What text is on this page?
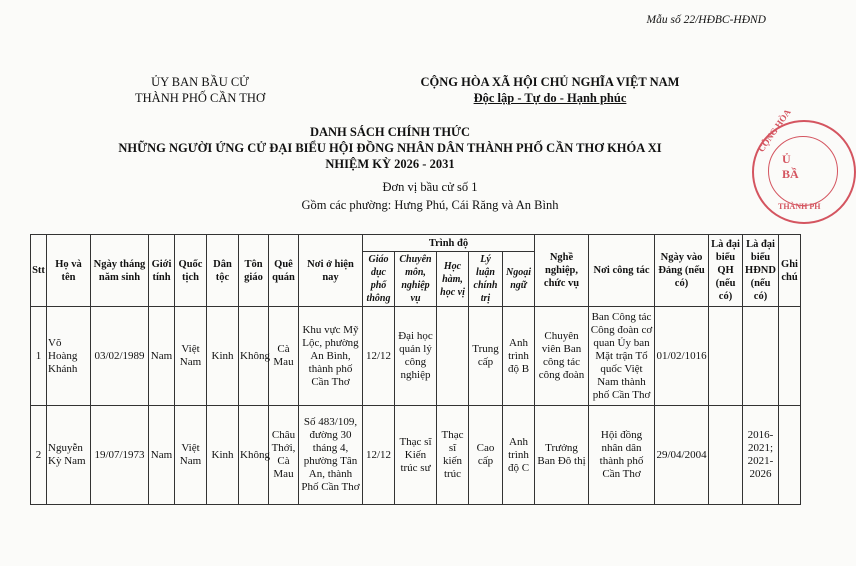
Mẫu số 22/HĐBC-HĐND
ỦY BAN BẦU CỬ
THÀNH PHỐ CẦN THƠ
CỘNG HÒA XÃ HỘI CHỦ NGHĨA VIỆT NAM
Độc lập - Tự do - Hạnh phúc
DANH SÁCH CHÍNH THỨC
NHỮNG NGƯỜI ỨNG CỬ ĐẠI BIỂU HỘI ĐỒNG NHÂN DÂN THÀNH PHỐ CẦN THƠ KHÓA XI
NHIỆM KỲ 2026 - 2031
Đơn vị bầu cử số 1
Gồm các phường: Hưng Phú, Cái Răng và An Bình
CỘNG HÒA
Ủ
BẦ
THÀNH PH
Stt	Họ và tên	Ngày tháng năm sinh	Giới tính	Quốc tịch	Dân tộc	Tôn giáo	Quê quán	Nơi ở hiện nay	Trình độ					Nghề nghiệp, chức vụ	Nơi công tác	Ngày vào Đảng (nếu có)	Là đại biểu QH (nếu có)	Là đại biểu HĐND (nếu có)	Ghi chú
									Giáo dục phổ thông	Chuyên môn, nghiệp vụ	Học hàm, học vị	Lý luận chính trị	Ngoại ngữ						
1	Võ Hoàng Khánh	03/02/1989	Nam	Việt Nam	Kinh	Không	Cà Mau	Khu vực Mỹ Lộc, phường An Bình, thành phố Cần Thơ	12/12	Đại học quản lý công nghiệp		Trung cấp	Anh trình độ B	Chuyên viên Ban công tác công đoàn	Ban Công tác Công đoàn cơ quan Ủy ban Mặt trận Tổ quốc Việt Nam thành phố Cần Thơ	01/02/1016			
2	Nguyễn Kỳ Nam	19/07/1973	Nam	Việt Nam	Kinh	Không	Châu Thới, Cà Mau	Số 483/109, đường 30 tháng 4, phường Tân An, thành Phố Cần Thơ	12/12	Thạc sĩ Kiến trúc sư	Thạc sĩ kiến trúc	Cao cấp	Anh trình độ C	Trưởng Ban Đô thị	Hội đồng nhân dân thành phố Cần Thơ	29/04/2004		2016-2021; 2021-2026	
